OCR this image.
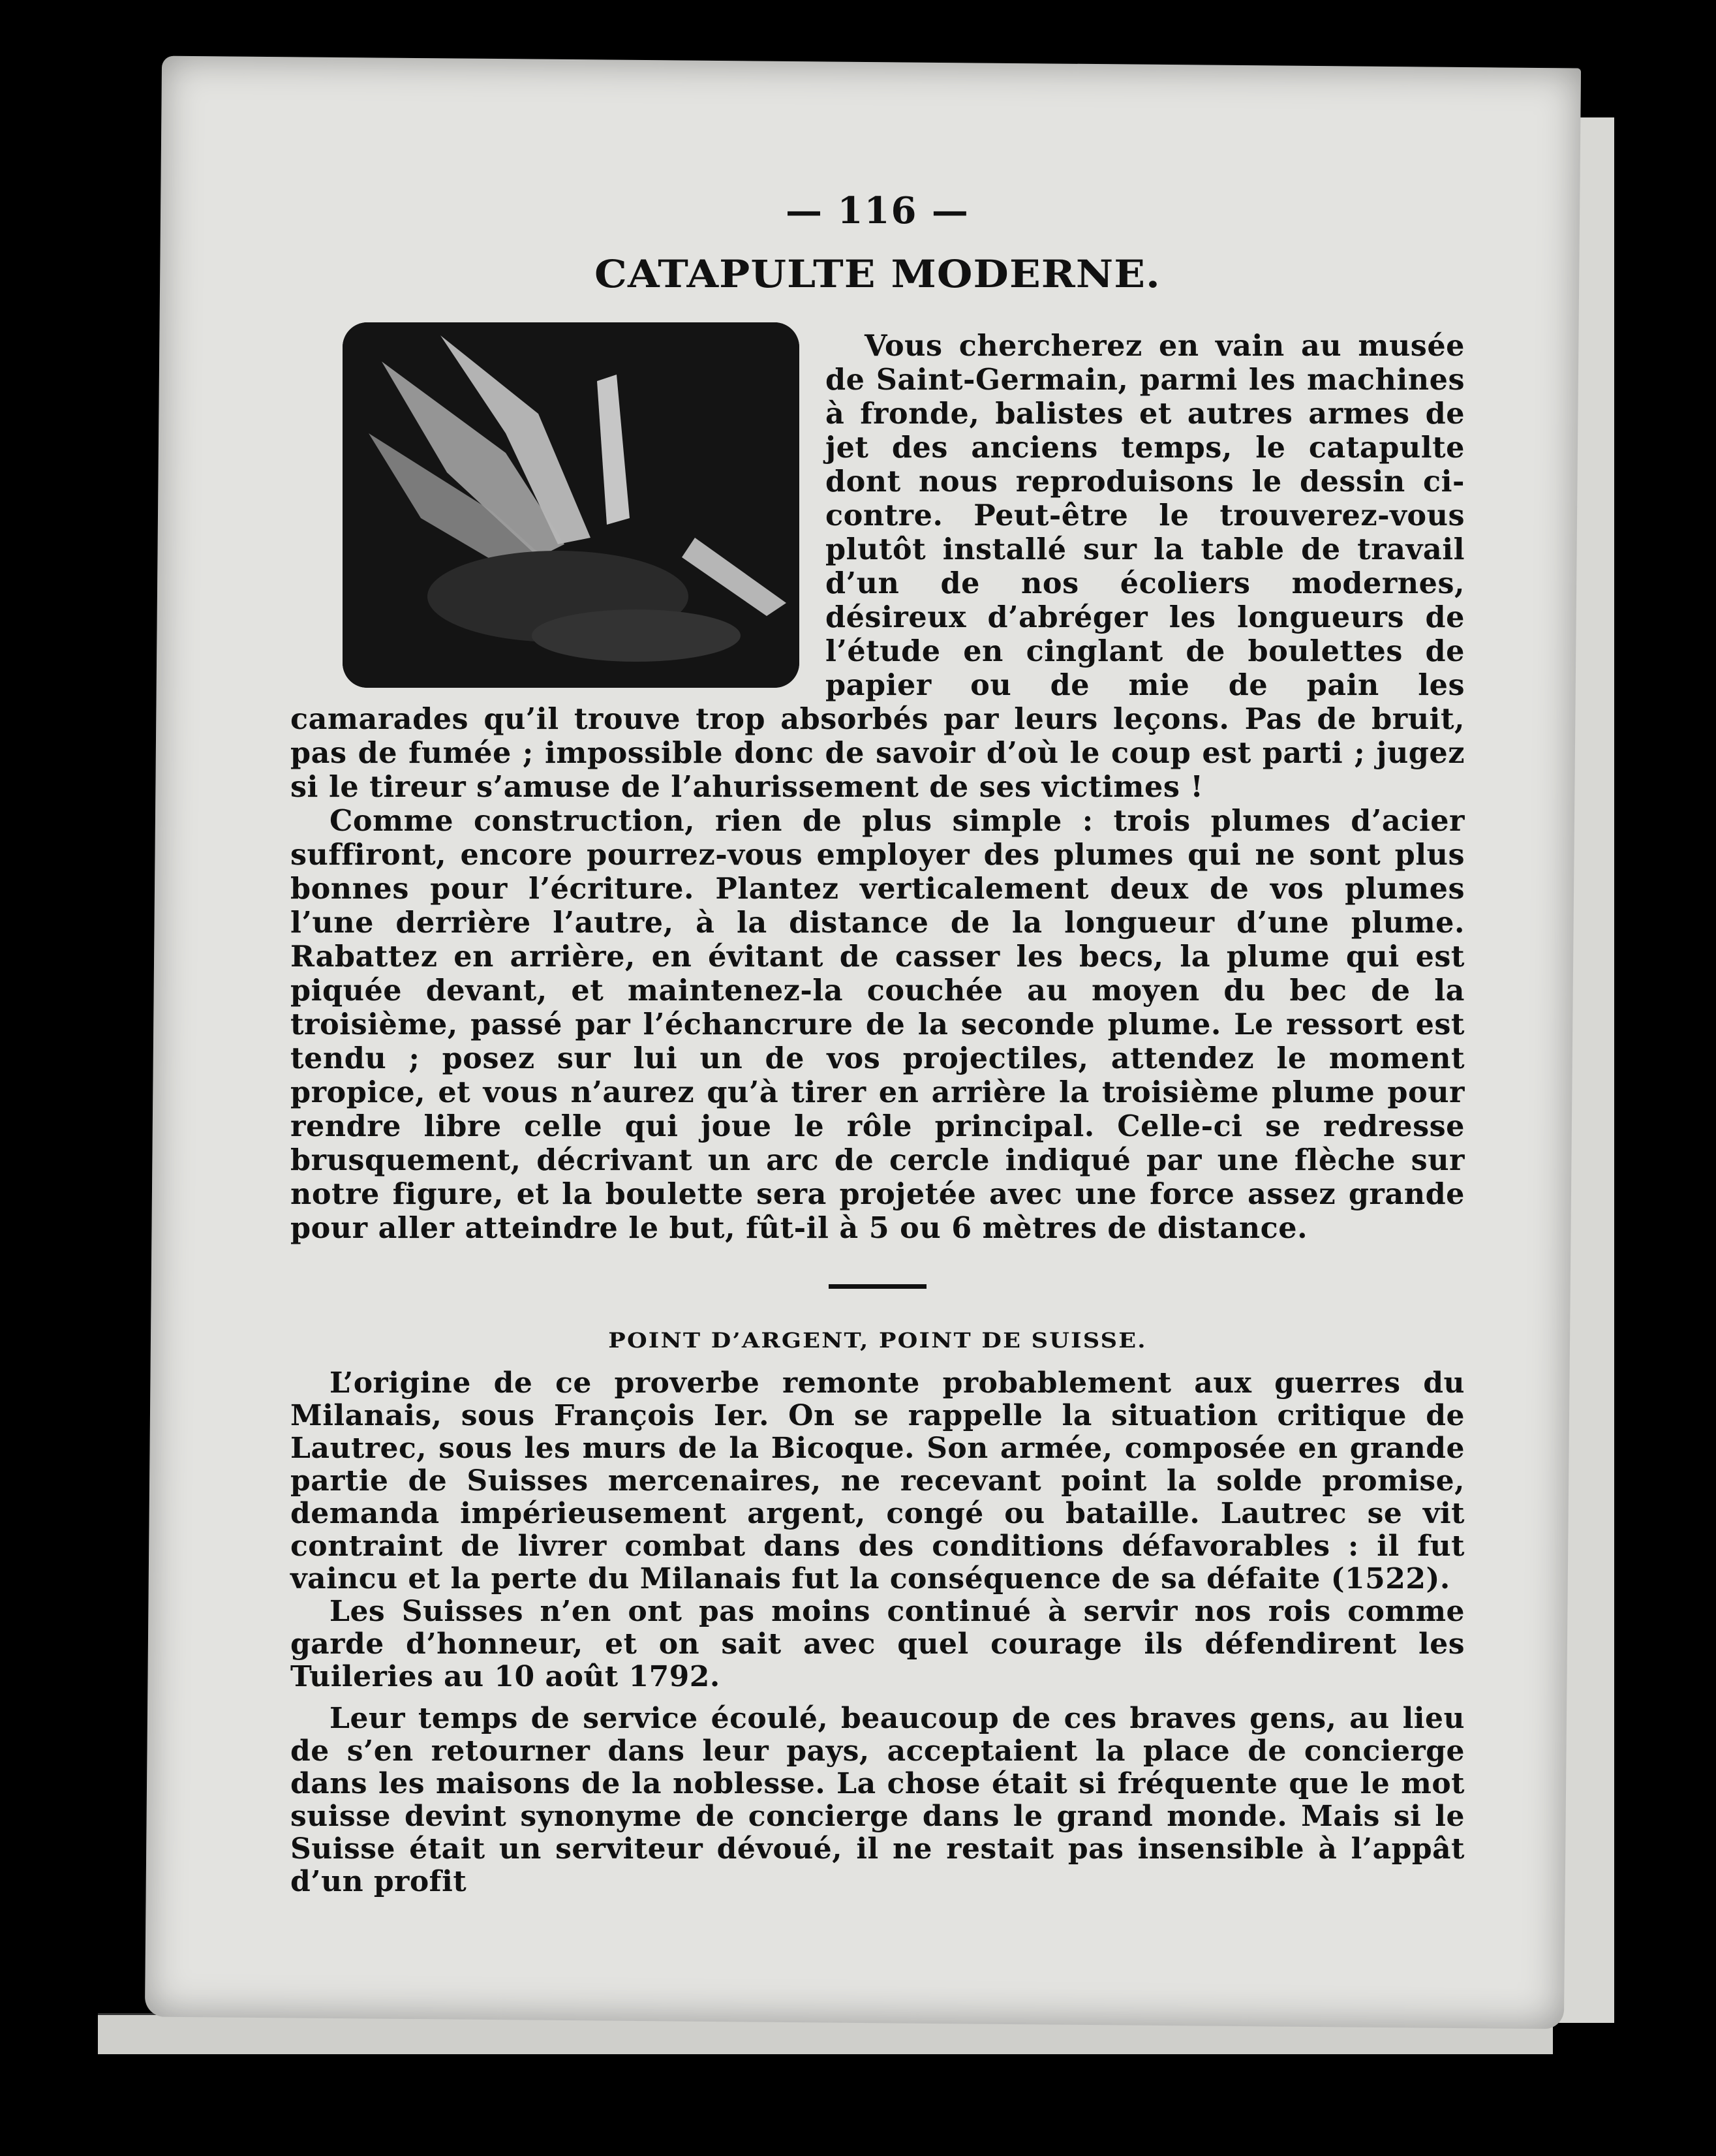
— 116 —
CATAPULTE MODERNE.

Vous chercherez en vain au musée de Saint-Germain, parmi les machines à fronde, balistes et autres armes de jet des anciens temps, le catapulte dont nous reproduisons le dessin ci-contre. Peut-être le trouverez-vous plutôt installé sur la table de travail d’un de nos écoliers modernes, désireux d’abréger les longueurs de l’étude en cinglant de boulettes de papier ou de mie de pain les camarades qu’il trouve trop absorbés par leurs leçons. Pas de bruit, pas de fumée ; impossible donc de savoir d’où le coup est parti ; jugez si le tireur s’amuse de l’ahurissement de ses victimes !

Comme construction, rien de plus simple : trois plumes d’acier suffiront, encore pourrez-vous employer des plumes qui ne sont plus bonnes pour l’écriture. Plantez verticalement deux de vos plumes l’une derrière l’autre, à la distance de la longueur d’une plume. Rabattez en arrière, en évitant de casser les becs, la plume qui est piquée devant, et maintenez-la couchée au moyen du bec de la troisième, passé par l’échancrure de la seconde plume. Le ressort est tendu ; posez sur lui un de vos projectiles, attendez le moment propice, et vous n’aurez qu’à tirer en arrière la troisième plume pour rendre libre celle qui joue le rôle principal. Celle-ci se redresse brusquement, décrivant un arc de cercle indiqué par une flèche sur notre figure, et la boulette sera projetée avec une force assez grande pour aller atteindre le but, fût-il à 5 ou 6 mètres de distance.

POINT D’ARGENT, POINT DE SUISSE.

L’origine de ce proverbe remonte probablement aux guerres du Milanais, sous François Ier. On se rappelle la situation critique de Lautrec, sous les murs de la Bicoque. Son armée, composée en grande partie de Suisses mercenaires, ne recevant point la solde promise, demanda impérieusement argent, congé ou bataille. Lautrec se vit contraint de livrer combat dans des conditions défavorables : il fut vaincu et la perte du Milanais fut la conséquence de sa défaite (1522).

Les Suisses n’en ont pas moins continué à servir nos rois comme garde d’honneur, et on sait avec quel courage ils défendirent les Tuileries au 10 août 1792.

Leur temps de service écoulé, beaucoup de ces braves gens, au lieu de s’en retourner dans leur pays, acceptaient la place de concierge dans les maisons de la noblesse. La chose était si fréquente que le mot suisse devint synonyme de concierge dans le grand monde. Mais si le Suisse était un serviteur dévoué, il ne restait pas insensible à l’appât d’un profit
